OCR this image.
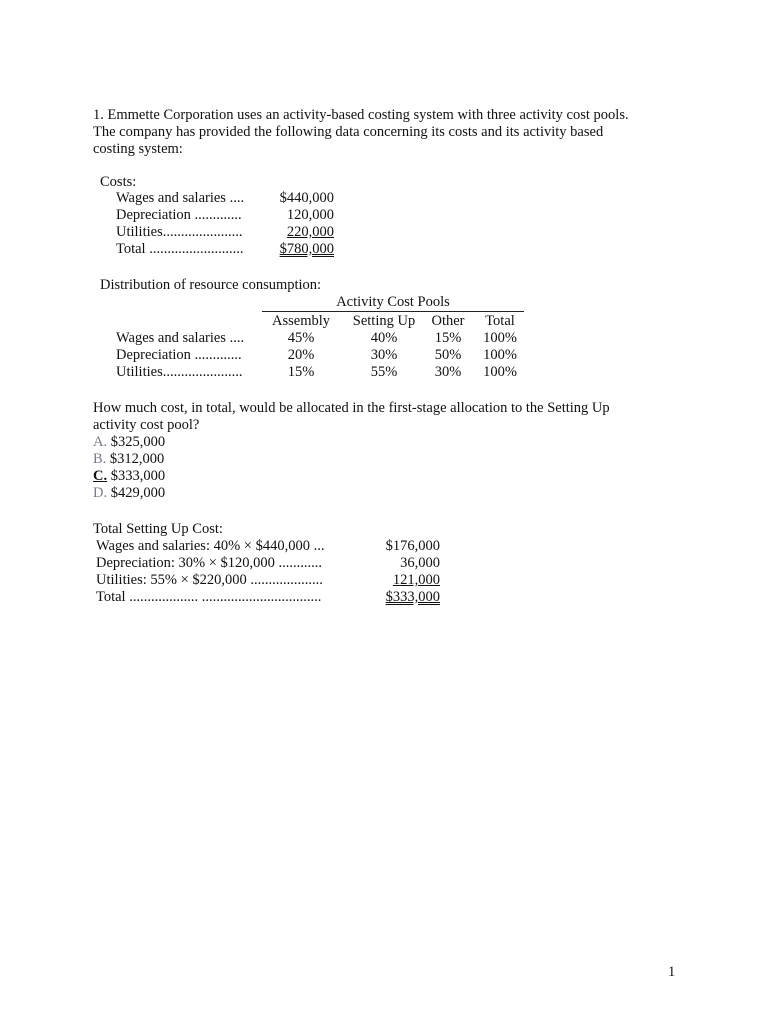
1. Emmette Corporation uses an activity-based costing system with three activity cost pools.
The company has provided the following data concerning its costs and its activity based
costing system:
Costs:
Wages and salaries ....	$440,000
Depreciation .............	120,000
Utilities......................	220,000
Total ..........................	$780,000
Distribution of resource consumption:
Activity Cost Pools
Assembly	Setting Up	Other	Total
Wages and salaries ....	45%	40%	15%	100%
Depreciation .............	20%	30%	50%	100%
Utilities......................	15%	55%	30%	100%
How much cost, in total, would be allocated in the first-stage allocation to the Setting Up
activity cost pool?
A. $325,000
B. $312,000
C. $333,000
D. $429,000
Total Setting Up Cost:
Wages and salaries: 40% × $440,000 ...	$176,000
Depreciation: 30% × $120,000 ............	36,000
Utilities: 55% × $220,000 ....................	121,000
Total ................... .................................	$333,000
1
